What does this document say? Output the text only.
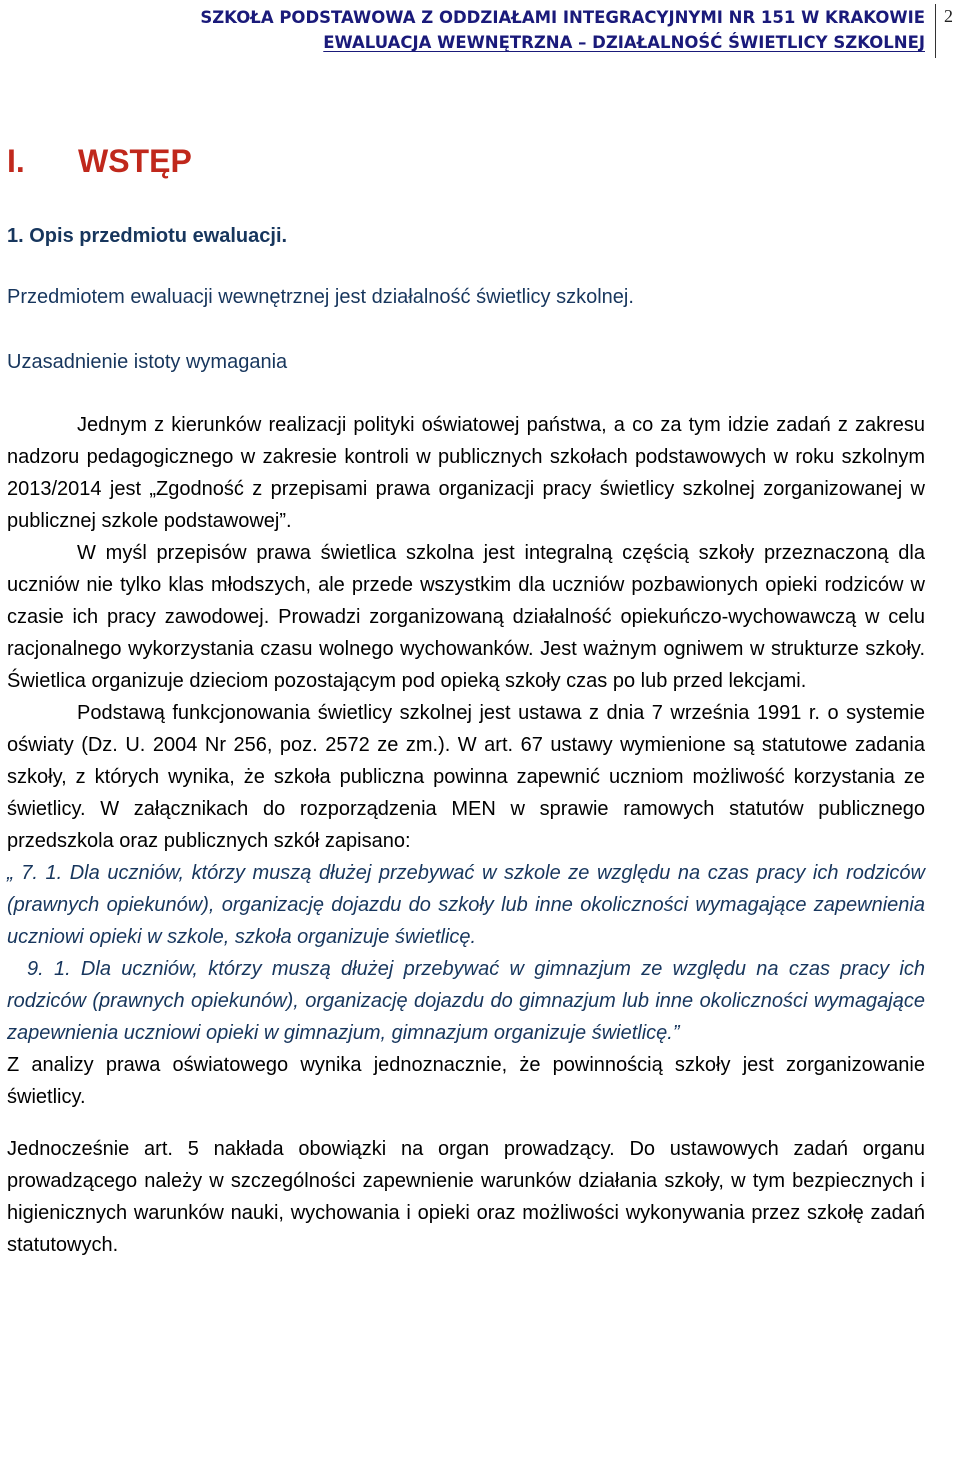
SZKOŁA PODSTAWOWA Z ODDZIAŁAMI INTEGRACYJNYMI NR 151 W KRAKOWIE
EWALUACJA WEWNĘTRZNA – DZIAŁALNOŚĆ ŚWIETLICY SZKOLNEJ
2
I. WSTĘP
1. Opis przedmiotu ewaluacji.
Przedmiotem ewaluacji wewnętrznej jest działalność świetlicy szkolnej.
Uzasadnienie istoty wymagania

Jednym z kierunków realizacji polityki oświatowej państwa, a co za tym idzie zadań z zakresu nadzoru pedagogicznego w zakresie kontroli w publicznych szkołach podstawowych w roku szkolnym 2013/2014 jest „Zgodność z przepisami prawa organizacji pracy świetlicy szkolnej zorganizowanej w publicznej szkole podstawowej”.

W myśl przepisów prawa świetlica szkolna jest integralną częścią szkoły przeznaczoną dla uczniów nie tylko klas młodszych, ale przede wszystkim dla uczniów pozbawionych opieki rodziców w czasie ich pracy zawodowej. Prowadzi zorganizowaną działalność opiekuńczo-wychowawczą w celu racjonalnego wykorzystania czasu wolnego wychowanków. Jest ważnym ogniwem w strukturze szkoły. Świetlica organizuje dzieciom pozostającym pod opieką szkoły czas po lub przed lekcjami.

Podstawą funkcjonowania świetlicy szkolnej jest ustawa z dnia 7 września 1991 r. o systemie oświaty (Dz. U. 2004 Nr 256, poz. 2572 ze zm.). W art. 67 ustawy wymienione są statutowe zadania szkoły, z których wynika, że szkoła publiczna powinna zapewnić uczniom możliwość korzystania ze świetlicy. W załącznikach do rozporządzenia MEN w sprawie ramowych statutów publicznego przedszkola oraz publicznych szkół zapisano:

„ 7. 1. Dla uczniów, którzy muszą dłużej przebywać w szkole ze względu na czas pracy ich rodziców (prawnych opiekunów), organizację dojazdu do szkoły lub inne okoliczności wymagające zapewnienia uczniowi opieki w szkole, szkoła organizuje świetlicę.

9. 1. Dla uczniów, którzy muszą dłużej przebywać w gimnazjum ze względu na czas pracy ich rodziców (prawnych opiekunów), organizację dojazdu do gimnazjum lub inne okoliczności wymagające zapewnienia uczniowi opieki w gimnazjum, gimnazjum organizuje świetlicę.”

Z analizy prawa oświatowego wynika jednoznacznie, że powinnością szkoły jest zorganizowanie świetlicy.

Jednocześnie art. 5 nakłada obowiązki na organ prowadzący. Do ustawowych zadań organu prowadzącego należy w szczególności zapewnienie warunków działania szkoły, w tym bezpiecznych i higienicznych warunków nauki, wychowania i opieki oraz możliwości wykonywania przez szkołę zadań statutowych.
